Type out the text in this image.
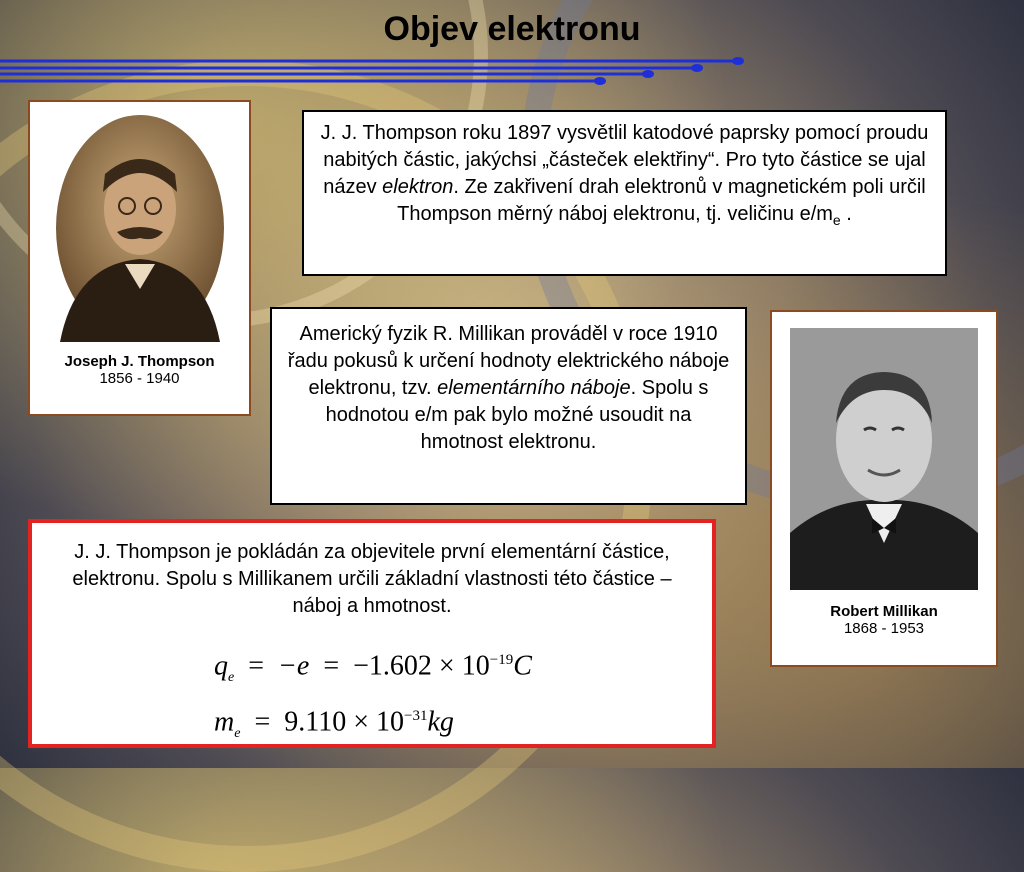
Objev elektronu
Joseph J. Thompson
1856 - 1940
Robert Millikan
1868 - 1953
J. J. Thompson roku 1897 vysvětlil katodové paprsky pomocí proudu nabitých částic, jakýchsi „částeček elektřiny“. Pro tyto částice se ujal název elektron. Ze zakřivení drah elektronů v magnetickém poli určil Thompson měrný náboj elektronu, tj. veličinu $e/m_e$ .
Americký fyzik R. Millikan prováděl v roce 1910 řadu pokusů k určení hodnoty elektrického náboje elektronu, tzv. elementárního náboje. Spolu s hodnotou e/m pak bylo možné usoudit na hmotnost elektronu.
J. J. Thompson je pokládán za objevitele první elementární částice, elektronu. Spolu s Millikanem určili základní vlastnosti této částice – náboj a hmotnost.
$q_e = -e = -1.602 \times 10^{-19}C$
$m_e = 9.110 \times 10^{-31}kg$
